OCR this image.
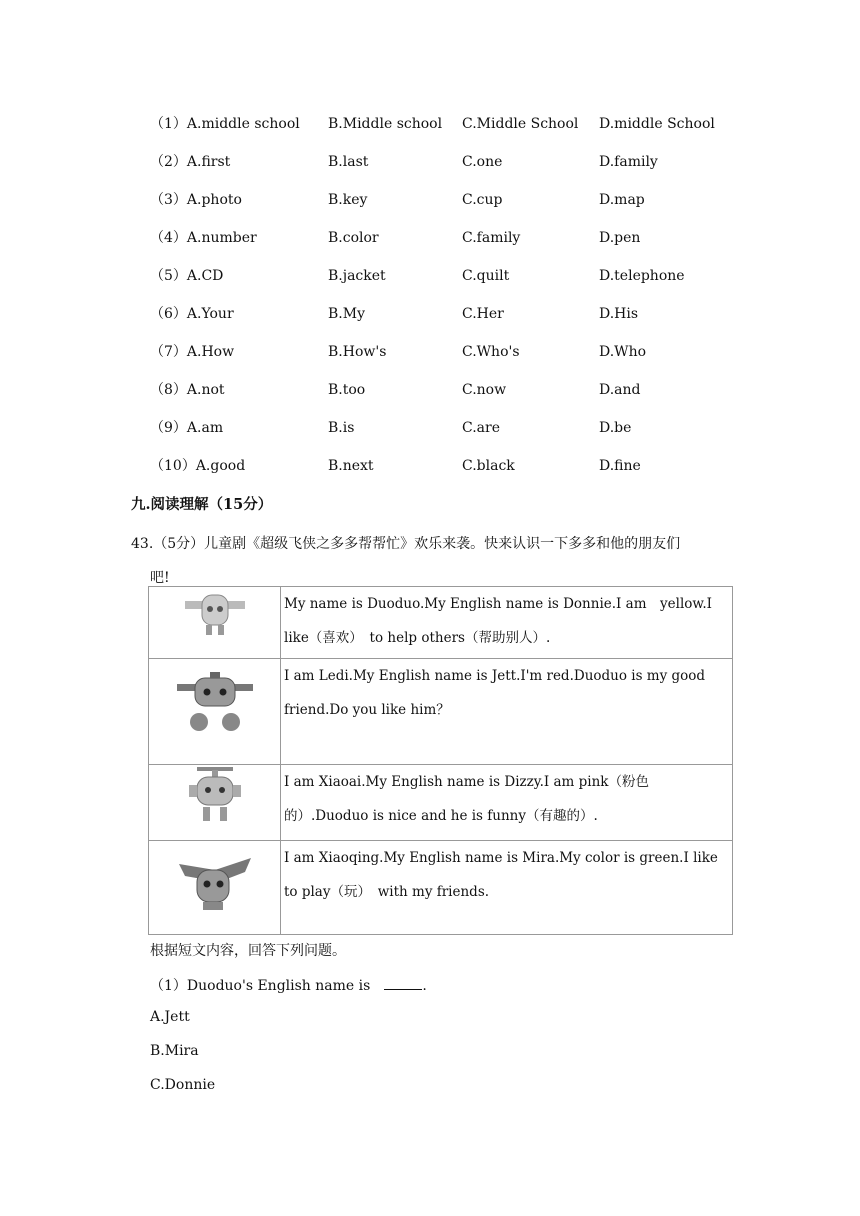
（1）A.middle school B.Middle school C.Middle School D.middle School
（2）A.first	B.last	C.one	D.family
（3）A.photo	B.key	C.cup	D.map
（4）A.number	B.color	C.family	D.pen
（5）A.CD	B.jacket	C.quilt	D.telephone
（6）A.Your	B.My	C.Her	D.His
（7）A.How	B.How's	C.Who's	D.Who
（8）A.not	B.too	C.now	D.and
（9）A.am	B.is	C.are	D.be
（10）A.good	B.next	C.black	D.fine
九.阅读理解（15分）
43.（5分）儿童剧《超级飞侠之多多帮帮忙》欢乐来袭。快来认识一下多多和他的朋友们
吧!
	My name is Duoduo.My English name is Donnie.I am　yellow.I like（喜欢）　to help others（帮助别人）.
	I am Ledi.My English name is Jett.I'm red.Duoduo is my good friend.Do you like him？
	I am Xiaoai.My English name is Dizzy.I am pink（粉色的）.Duoduo is nice and he is funny（有趣的）.
	I am Xiaoqing.My English name is Mira.My color is green.I like to play（玩）　with my friends.
根据短文内容，回答下列问题。
（1）Duoduo's English name is　	.
A.Jett
B.Mira
C.Donnie
